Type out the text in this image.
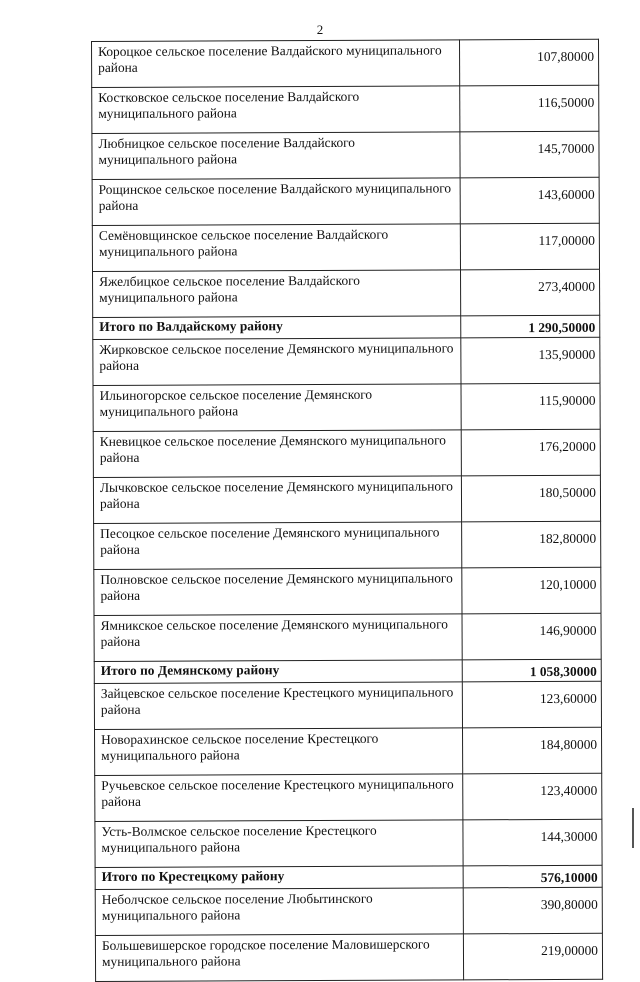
2
Короцкое сельское поселение Валдайского муниципального района	107,80000
Костковское сельское поселение Валдайского муниципального района	116,50000
Любницкое сельское поселение Валдайского муниципального района	145,70000
Рощинское сельское поселение Валдайского муниципального района	143,60000
Семёновщинское сельское поселение Валдайского муниципального района	117,00000
Яжелбицкое сельское поселение Валдайского муниципального района	273,40000
Итого по Валдайскому району	1 290,50000
Жирковское сельское поселение Демянского муниципального района	135,90000
Ильиногорское сельское поселение Демянского муниципального района	115,90000
Кневицкое сельское поселение Демянского муниципального района	176,20000
Лычковское сельское поселение Демянского муниципального района	180,50000
Песоцкое сельское поселение Демянского муниципального района	182,80000
Полновское сельское поселение Демянского муниципального района	120,10000
Ямникское сельское поселение Демянского муниципального района	146,90000
Итого по Демянскому району	1 058,30000
Зайцевское сельское поселение Крестецкого муниципального района	123,60000
Новорахинское сельское поселение Крестецкого муниципального района	184,80000
Ручьевское сельское поселение Крестецкого муниципального района	123,40000
Усть-Волмское сельское поселение Крестецкого муниципального района	144,30000
Итого по Крестецкому району	576,10000
Неболчское сельское поселение Любытинского муниципального района	390,80000
Большевишерское городское поселение Маловишерского муниципального района	219,00000
